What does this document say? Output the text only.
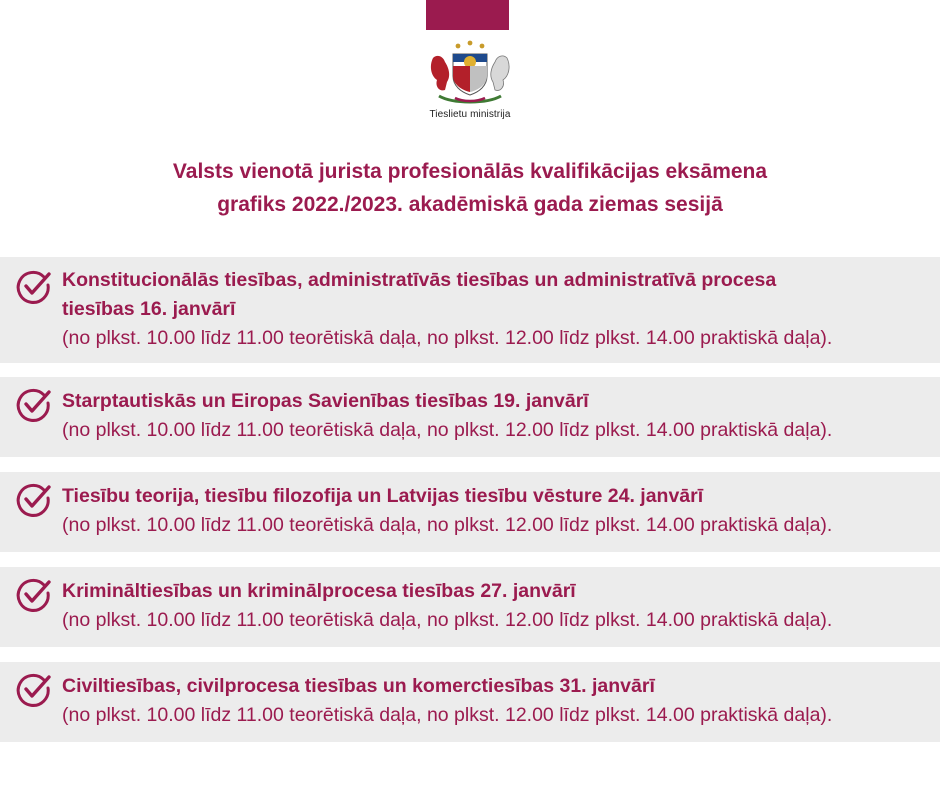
Tieslietu ministrija
Valsts vienotā jurista profesionālās kvalifikācijas eksāmena
grafiks 2022./2023. akadēmiskā gada ziemas sesijā
Konstitucionālās tiesības, administratīvās tiesības un administratīvā procesa
tiesības 16. janvārī
(no plkst. 10.00 līdz 11.00 teorētiskā daļa, no plkst. 12.00 līdz plkst. 14.00 praktiskā daļa).
Starptautiskās un Eiropas Savienības tiesības 19. janvārī
(no plkst. 10.00 līdz 11.00 teorētiskā daļa, no plkst. 12.00 līdz plkst. 14.00 praktiskā daļa).
Tiesību teorija, tiesību filozofija un Latvijas tiesību vēsture 24. janvārī
(no plkst. 10.00 līdz 11.00 teorētiskā daļa, no plkst. 12.00 līdz plkst. 14.00 praktiskā daļa).
Krimināltiesības un kriminālprocesa tiesības 27. janvārī
(no plkst. 10.00 līdz 11.00 teorētiskā daļa, no plkst. 12.00 līdz plkst. 14.00 praktiskā daļa).
Civiltiesības, civilprocesa tiesības un komerctiesības 31. janvārī
(no plkst. 10.00 līdz 11.00 teorētiskā daļa, no plkst. 12.00 līdz plkst. 14.00 praktiskā daļa).
